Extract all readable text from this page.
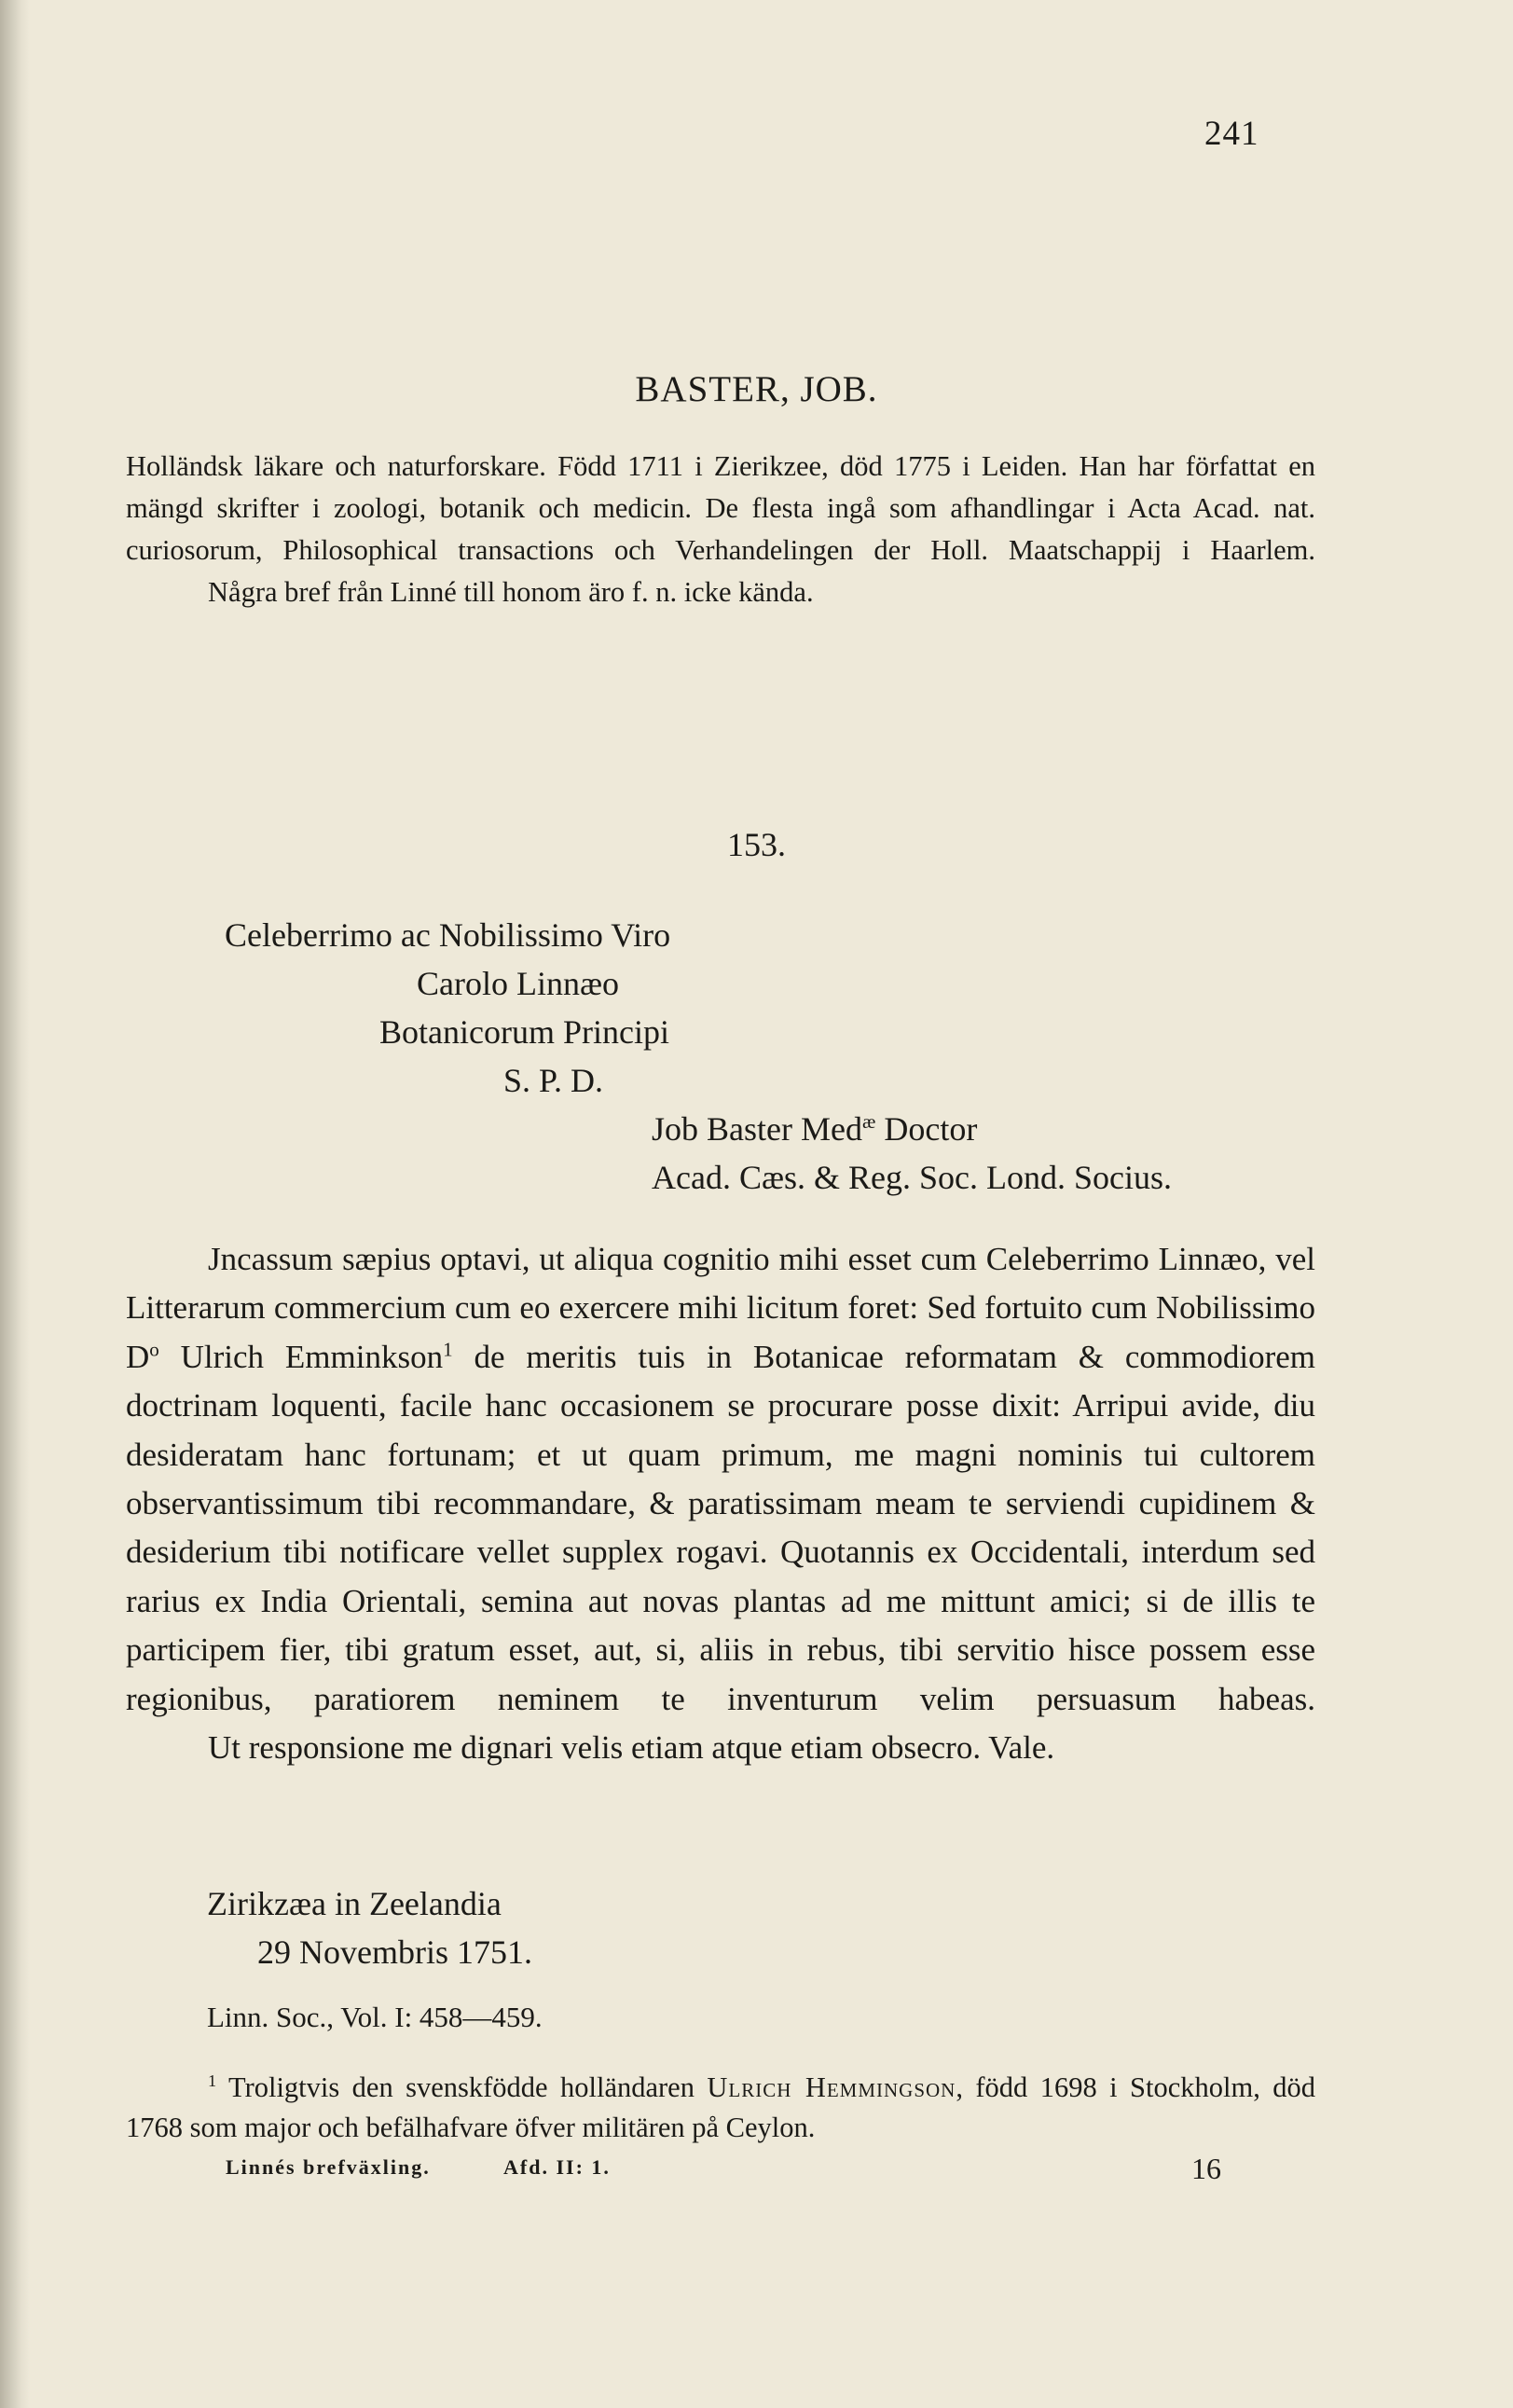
241
BASTER, JOB.

Holländsk läkare och naturforskare. Född 1711 i Zierikzee, död 1775 i Leiden. Han har författat en mängd skrifter i zoologi, botanik och medicin. De flesta ingå som afhandlingar i Acta Acad. nat. curiosorum, Philosophical transactions och Verhandelingen der Holl. Maatschappij i Haarlem.

Några bref från Linné till honom äro f. n. icke kända.

153.
Celeberrimo ac Nobilissimo Viro
Carolo Linnæo
Botanicorum Principi
S. P. D.
Job Baster Med$^æ$ Doctor
Acad. Cæs. & Reg. Soc. Lond. Socius.

Jncassum sæpius optavi, ut aliqua cognitio mihi esset cum Celeberrimo Linnæo, vel Litterarum commercium cum eo exercere mihi licitum foret: Sed fortuito cum Nobilissimo $D^o$ Ulrich Emminkson$^1$ de meritis tuis in Botanicae reformatam & commodiorem doctrinam loquenti, facile hanc occasionem se procurare posse dixit: Arripui avide, diu desideratam hanc fortunam; et ut quam primum, me magni nominis tui cultorem observantissimum tibi recommandare, & paratissimam meam te serviendi cupidinem & desiderium tibi notificare vellet supplex rogavi. Quotannis ex Occidentali, interdum sed rarius ex India Orientali, semina aut novas plantas ad me mittunt amici; si de illis te participem fier, tibi gratum esset, aut, si, aliis in rebus, tibi servitio hisce possem esse regionibus, paratiorem neminem te inventurum velim persuasum habeas.

Ut responsione me dignari velis etiam atque etiam obsecro. Vale.

Zirikzæa in Zeelandia
29 Novembris 1751.
Linn. Soc., Vol. I: 458—459.

$^1$ Troligtvis den svenskfödde holländaren Ulrich Hemmingson, född 1698 i Stockholm, död 1768 som major och befälhafvare öfver militären på Ceylon.

Linnés brefväxling.	Afd. II: 1.	16
